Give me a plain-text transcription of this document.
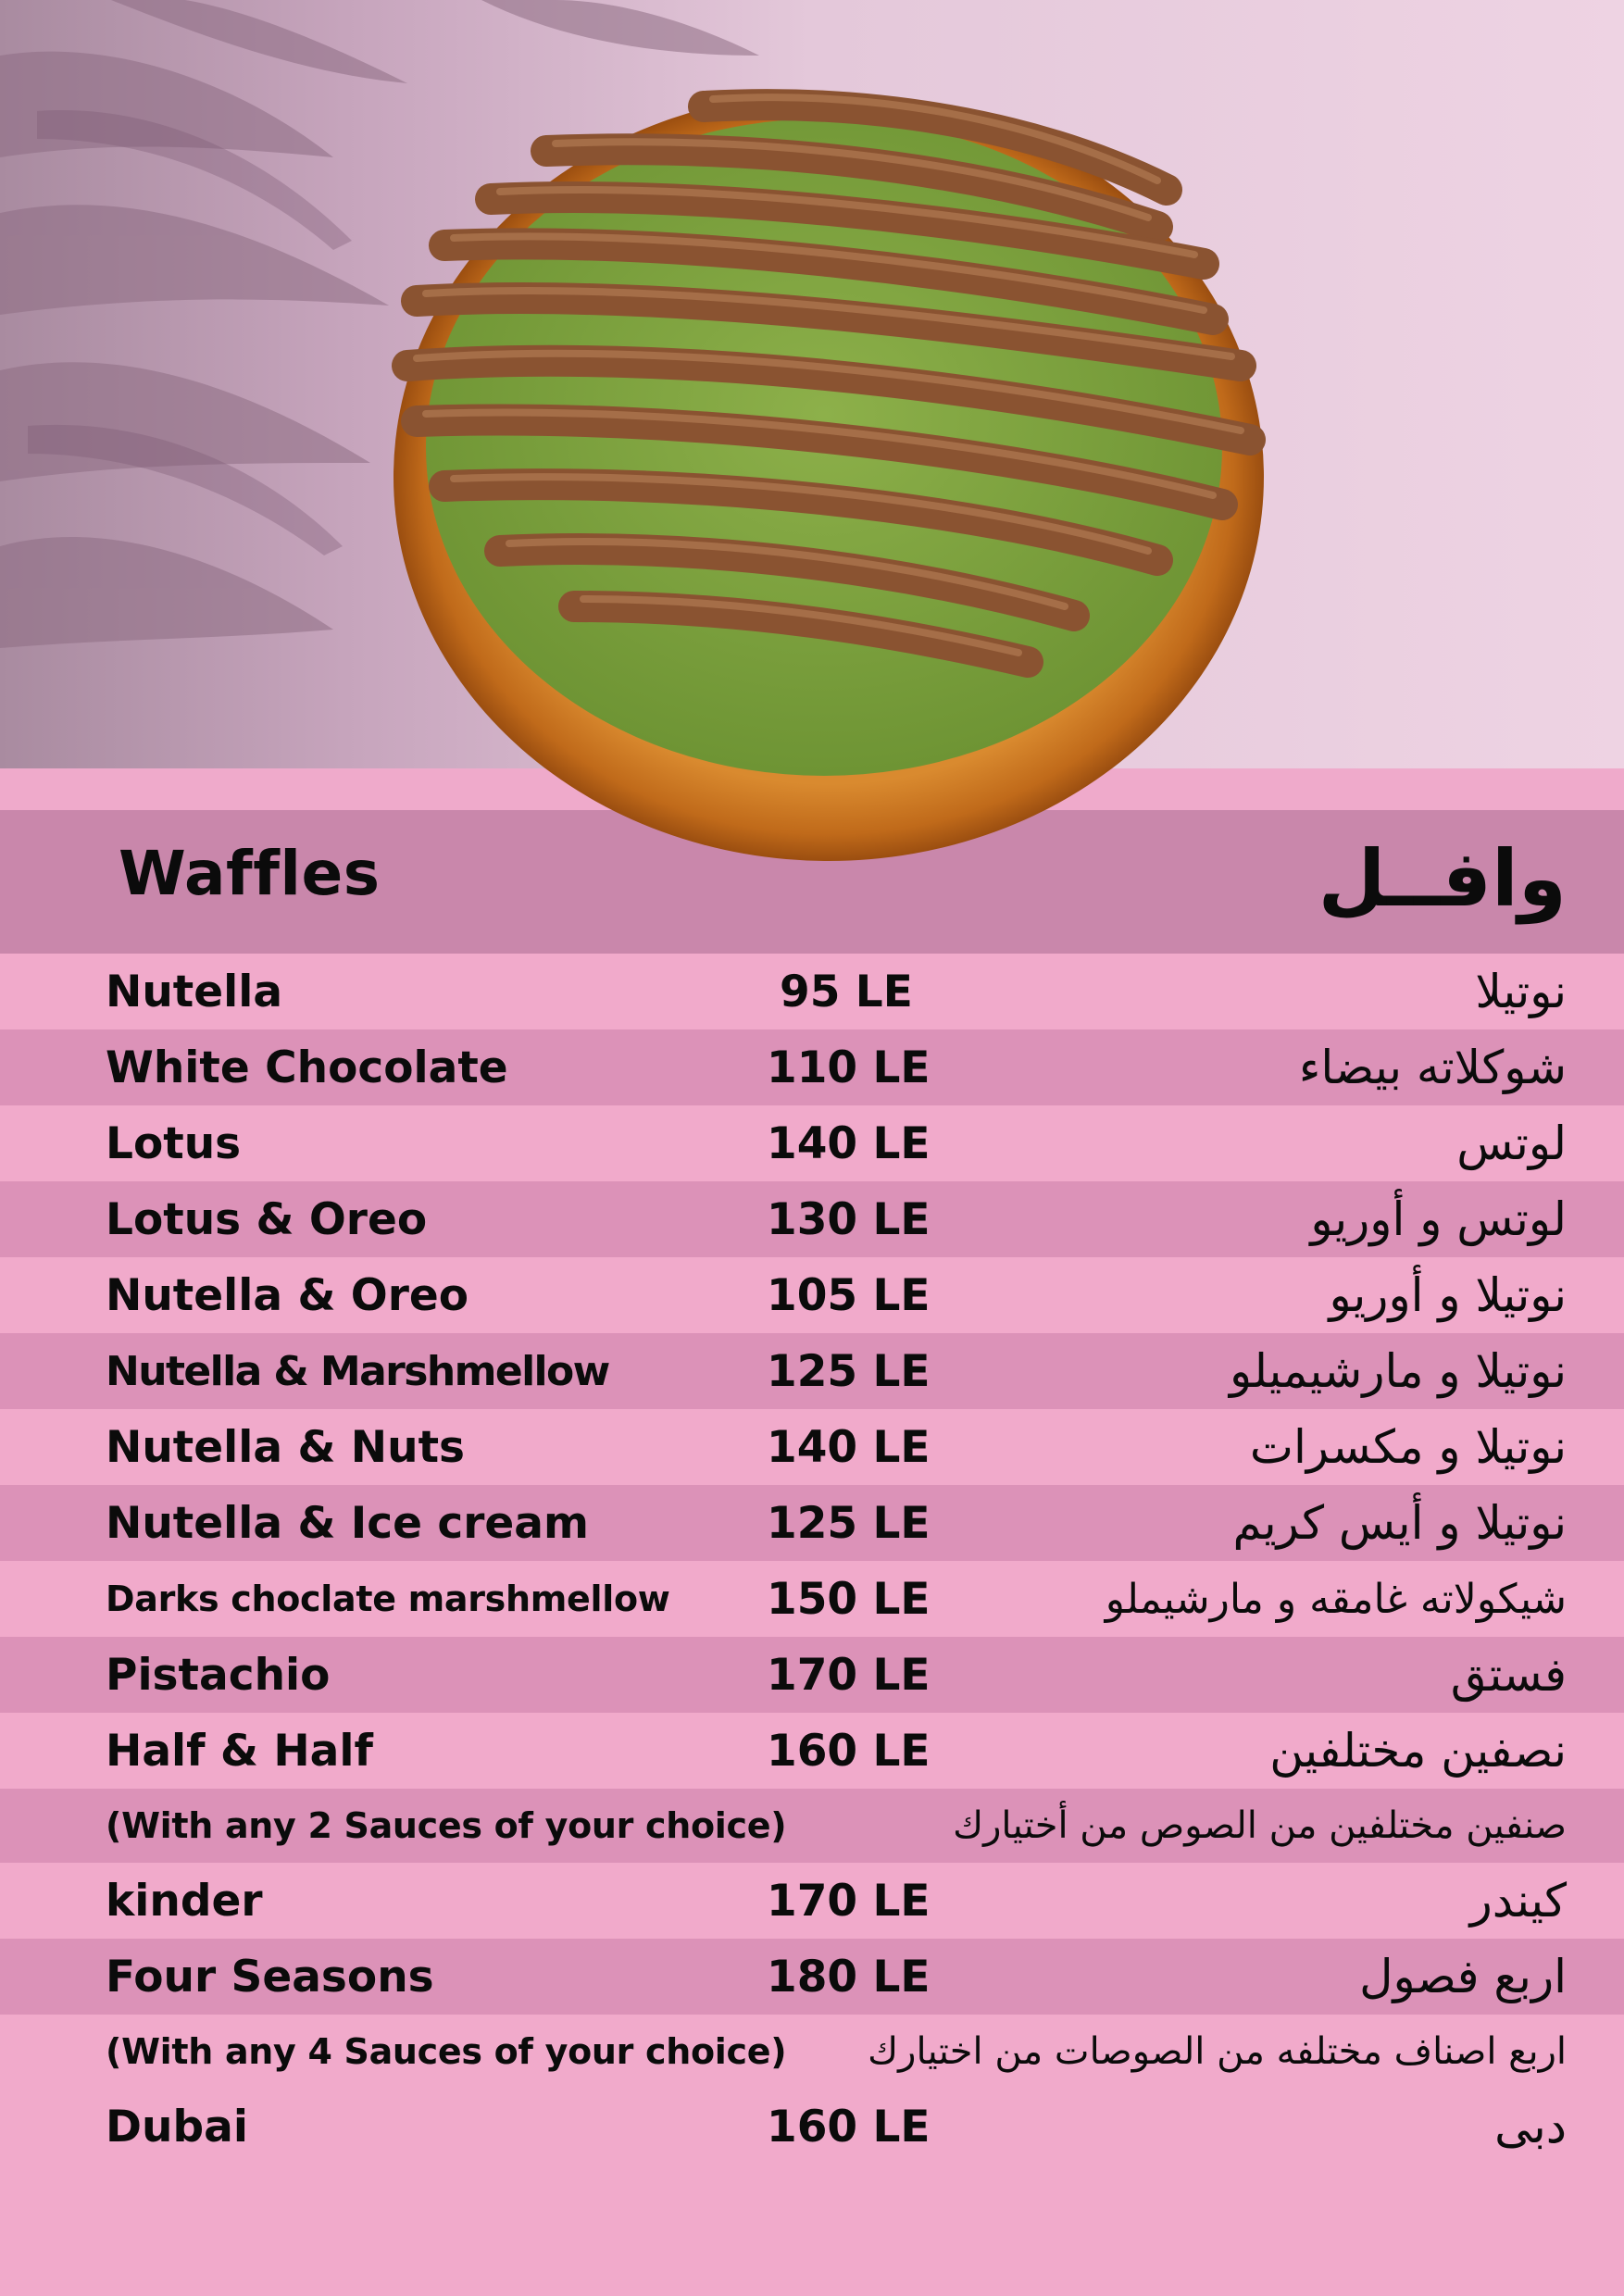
Waffles	وافــل
Nutella	95 LE	نوتيلا
White Chocolate	110 LE	شوكلاته بيضاء
Lotus	140 LE	لوتس
Lotus & Oreo	130 LE	لوتس و أوريو
Nutella & Oreo	105 LE	نوتيلا و أوريو
Nutella & Marshmellow	125 LE	نوتيلا و مارشيميلو
Nutella & Nuts	140 LE	نوتيلا و مكسرات
Nutella & Ice cream	125 LE	نوتيلا و أيس كريم
Darks choclate marshmellow 150 LE	شيكولاته غامقه و مارشيملو
Pistachio	170 LE	فستق
Half & Half	160 LE	نصفين مختلفين
(With any 2 Sauces of your choice)	صنفين مختلفين من الصوص من أختيارك
kinder	170 LE	كيندر
Four Seasons	180 LE	اربع فصول
(With any 4 Sauces of your choice) اربع اصناف مختلفه من الصوصات من اختيارك
Dubai	160 LE	دبى
